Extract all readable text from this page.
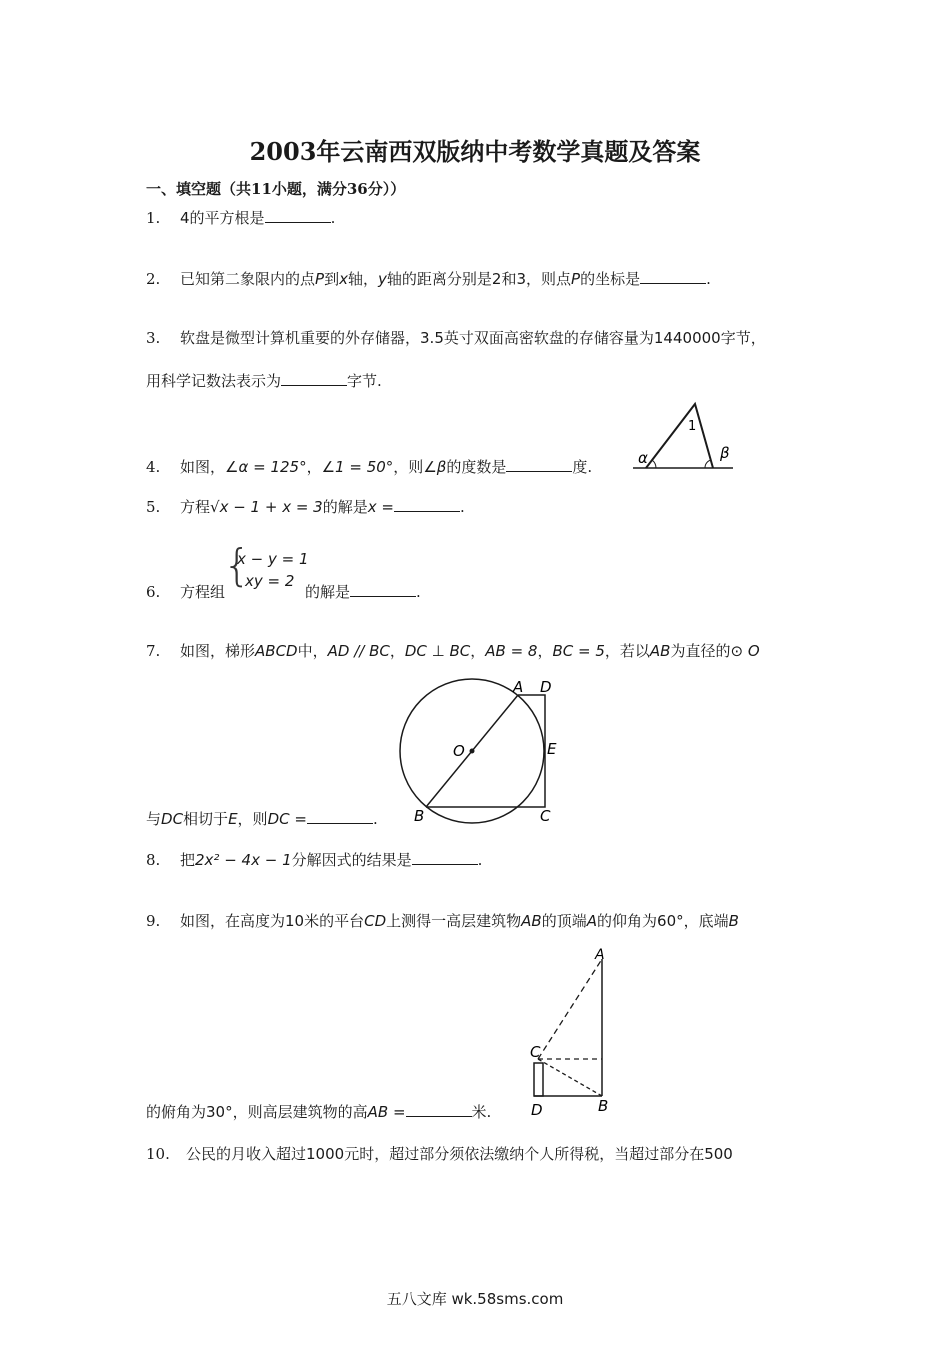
2003年云南西双版纳中考数学真题及答案
一、填空题（共11小题，满分36分））
1. 4的平方根是	.
2. 已知第二象限内的点P到x轴，y轴的距离分别是2和3，则点P的坐标是	.
3. 软盘是微型计算机重要的外存储器，3.5英寸双面高密软盘的存储容量为1440000字节，
用科学记数法表示为	字节.
4. 如图，∠α = 125°，∠1 = 50°，则∠β的度数是	度.
1
α	β
5. 方程√x − 1 + x = 3的解是x =	.
6. 方程组
{
x − y = 1
xy = 2
的解是	.
7. 如图，梯形ABCD中，AD // BC，DC ⊥ BC，AB = 8，BC = 5，若以AB为直径的⊙ O
A D
O	E
B	C
与DC相切于E，则DC =	.
8. 把2x² − 4x − 1分解因式的结果是	.
9. 如图，在高度为10米的平台CD上测得一高层建筑物AB的顶端A的仰角为60°，底端B
A
C
D	B
的俯角为30°，则高层建筑物的高AB =	米.
10. 公民的月收入超过1000元时，超过部分须依法缴纳个人所得税，当超过部分在500
五八文库 wk.58sms.com
